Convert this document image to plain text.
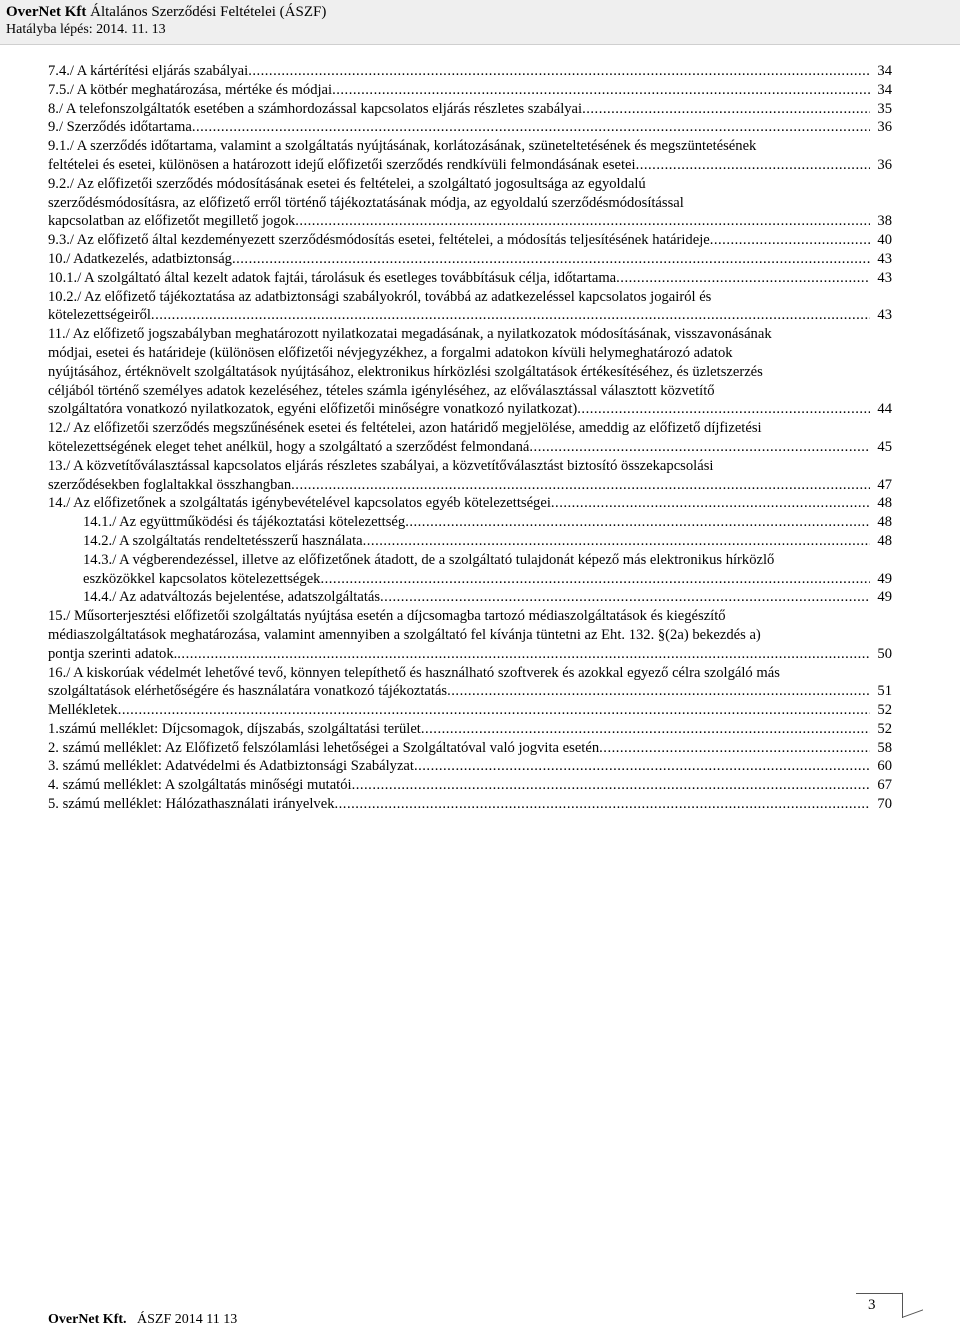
OverNet Kft Általános Szerződési Feltételei (ÁSZF)
Hatályba lépés: 2014. 11. 13
7.4./ A kártérítési eljárás szabályai .....	34
7.5./ A kötbér meghatározása, mértéke és módjai .....	34
8./ A telefonszolgáltatók esetében a számhordozással kapcsolatos eljárás részletes szabályai .....	35
9./ Szerződés időtartama .....	36
9.1./ A szerződés időtartama, valamint a szolgáltatás nyújtásának, korlátozásának, szüneteltetésének és megszüntetésének
feltételei és esetei, különösen a határozott idejű előfizetői szerződés rendkívüli felmondásának esetei .....	36
9.2./ Az előfizetői szerződés módosításának esetei és feltételei, a szolgáltató jogosultsága az egyoldalú
szerződésmódosításra, az előfizető erről történő tájékoztatásának módja, az egyoldalú szerződésmódosítással
kapcsolatban az előfizetőt megillető jogok .....	38
9.3./ Az előfizető által kezdeményezett szerződésmódosítás esetei, feltételei, a módosítás teljesítésének határideje .....	40
10./ Adatkezelés, adatbiztonság .....	43
10.1./ A szolgáltató által kezelt adatok fajtái, tárolásuk és esetleges továbbításuk célja, időtartama .....	43
10.2./ Az előfizető tájékoztatása az adatbiztonsági szabályokról, továbbá az adatkezeléssel kapcsolatos jogairól és
kötelezettségeiről .....	43
11./ Az előfizető jogszabályban meghatározott nyilatkozatai megadásának, a nyilatkozatok módosításának, visszavonásának
módjai, esetei és határideje (különösen előfizetői névjegyzékhez, a forgalmi adatokon kívüli helymeghatározó adatok
nyújtásához, értéknövelt szolgáltatások nyújtásához, elektronikus hírközlési szolgáltatások értékesítéséhez, és üzletszerzés
céljából történő személyes adatok kezeléséhez, tételes számla igényléséhez, az előválasztással választott közvetítő
szolgáltatóra vonatkozó nyilatkozatok, egyéni előfizetői minőségre vonatkozó nyilatkozat) .....	44
12./ Az előfizetői szerződés megszűnésének esetei és feltételei, azon határidő megjelölése, ameddig az előfizető díjfizetési
kötelezettségének eleget tehet anélkül, hogy a szolgáltató a szerződést felmondaná .....	45
13./ A közvetítőválasztással kapcsolatos eljárás részletes szabályai, a közvetítőválasztást biztosító összekapcsolási
szerződésekben foglaltakkal összhangban .....	47
14./ Az előfizetőnek a szolgáltatás igénybevételével kapcsolatos egyéb kötelezettségei .....	48
14.1./ Az együttműködési és tájékoztatási kötelezettség .....	48
14.2./ A szolgáltatás rendeltetésszerű használata .....	48
14.3./ A végberendezéssel, illetve az előfizetőnek átadott, de a szolgáltató tulajdonát képező más elektronikus hírközlő
eszközökkel kapcsolatos kötelezettségek .....	49
14.4./ Az adatváltozás bejelentése, adatszolgáltatás .....	49
15./ Műsorterjesztési előfizetői szolgáltatás nyújtása esetén a díjcsomagba tartozó médiaszolgáltatások és kiegészítő
médiaszolgáltatások meghatározása, valamint amennyiben a szolgáltató fel kívánja tüntetni az Eht. 132. §(2a) bekezdés a)
pontja szerinti adatok. .....	50
16./ A kiskorúak védelmét lehetővé tevő, könnyen telepíthető és használható szoftverek és azokkal egyező célra szolgáló más
szolgáltatások elérhetőségére és használatára vonatkozó tájékoztatás .....	51
Mellékletek .....	52
1.számú melléklet: Díjcsomagok, díjszabás, szolgáltatási terület .....	52
2. számú melléklet: Az Előfizető felszólamlási lehetőségei a Szolgáltatóval való jogvita esetén .....	58
3. számú melléklet: Adatvédelmi és Adatbiztonsági Szabályzat .....	60
4. számú melléklet: A szolgáltatás minőségi mutatói .....	67
5. számú melléklet: Hálózathasználati irányelvek .....	70
OverNet Kft. ÁSZF 2014 11 13
3
